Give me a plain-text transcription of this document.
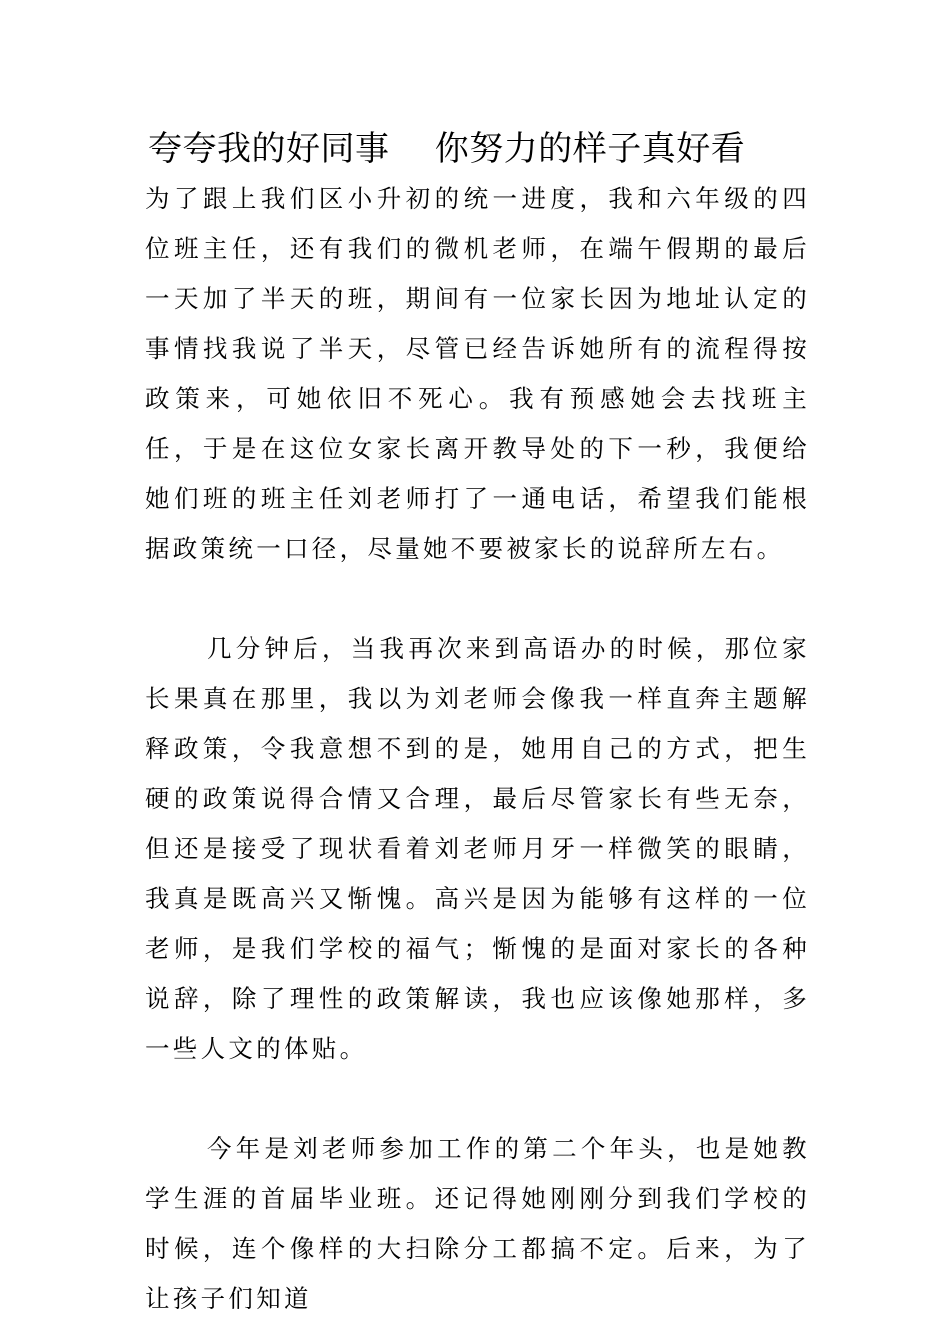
夸夸我的好同事    你努力的样子真好看

为了跟上我们区小升初的统一进度，我和六年级的四位班主任，还有我们的微机老师，在端午假期的最后一天加了半天的班，期间有一位家长因为地址认定的事情找我说了半天，尽管已经告诉她所有的流程得按政策来，可她依旧不死心。我有预感她会去找班主任，于是在这位女家长离开教导处的下一秒，我便给她们班的班主任刘老师打了一通电话，希望我们能根据政策统一口径，尽量她不要被家长的说辞所左右。

几分钟后，当我再次来到高语办的时候，那位家长果真在那里，我以为刘老师会像我一样直奔主题解释政策，令我意想不到的是，她用自己的方式，把生硬的政策说得合情又合理，最后尽管家长有些无奈，但还是接受了现状看着刘老师月牙一样微笑的眼睛，我真是既高兴又惭愧。高兴是因为能够有这样的一位老师，是我们学校的福气；惭愧的是面对家长的各种说辞，除了理性的政策解读，我也应该像她那样，多一些人文的体贴。

今年是刘老师参加工作的第二个年头，也是她教学生涯的首届毕业班。还记得她刚刚分到我们学校的时候，连个像样的大扫除分工都搞不定。后来，为了让孩子们知道
